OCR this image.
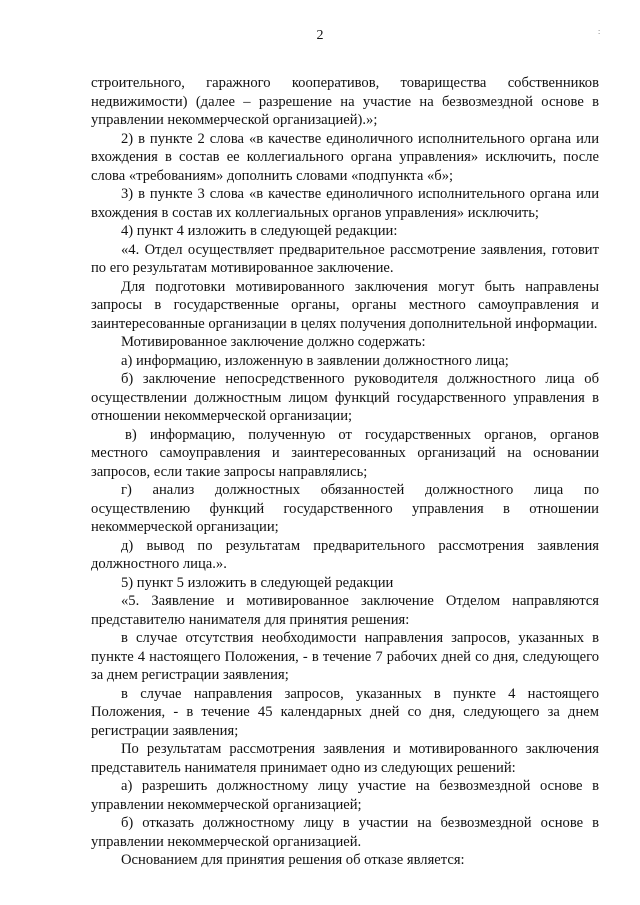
2	:

строительного, гаражного кооперативов, товарищества собственников недвижимости) (далее – разрешение на участие на безвозмездной основе в управлении некоммерческой организацией).»;

2) в пункте 2 слова «в качестве единоличного исполнительного органа или вхождения в состав ее коллегиального органа управления» исключить, после слова «требованиям» дополнить словами «подпункта «б»;

3) в пункте 3 слова «в качестве единоличного исполнительного органа или вхождения в состав их коллегиальных органов управления» исключить;

4) пункт 4 изложить в следующей редакции:

«4. Отдел осуществляет предварительное рассмотрение заявления, готовит по его результатам мотивированное заключение.

Для подготовки мотивированного заключения могут быть направлены запросы в государственные органы, органы местного самоуправления и заинтересованные организации в целях получения дополнительной информации.

Мотивированное заключение должно содержать:

а) информацию, изложенную в заявлении должностного лица;

б) заключение непосредственного руководителя должностного лица об осуществлении должностным лицом функций государственного управления в отношении некоммерческой организации;

в) информацию, полученную от государственных органов, органов местного самоуправления и заинтересованных организаций на основании запросов, если такие запросы направлялись;

г) анализ должностных обязанностей должностного лица по осуществлению функций государственного управления в отношении некоммерческой организации;

д) вывод по результатам предварительного рассмотрения заявления должностного лица.».

5) пункт 5 изложить в следующей редакции

«5. Заявление и мотивированное заключение Отделом направляются представителю нанимателя для принятия решения:

в случае отсутствия необходимости направления запросов, указанных в пункте 4 настоящего Положения, - в течение 7 рабочих дней со дня, следующего за днем регистрации заявления;

в случае направления запросов, указанных в пункте 4 настоящего Положения, - в течение 45 календарных дней со дня, следующего за днем регистрации заявления;

По результатам рассмотрения заявления и мотивированного заключения представитель нанимателя принимает одно из следующих решений:

а) разрешить должностному лицу участие на безвозмездной основе в управлении некоммерческой организацией;

б) отказать должностному лицу в участии на безвозмездной основе в управлении некоммерческой организацией.

Основанием для принятия решения об отказе является:
